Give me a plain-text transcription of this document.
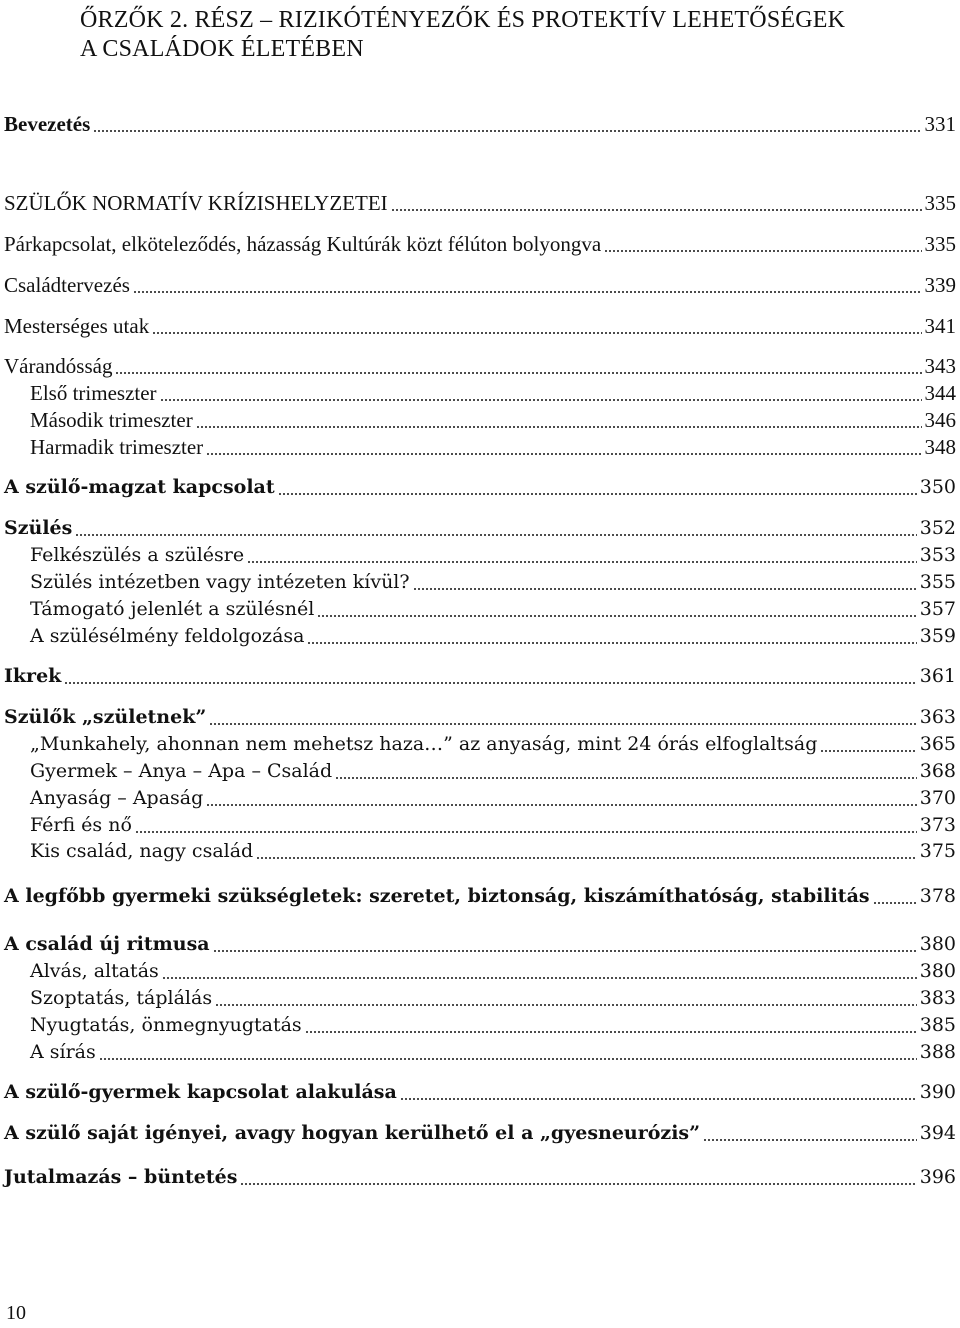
ŐRZŐK 2. RÉSZ – RIZIKÓTÉNYEZŐK ÉS PROTEKTÍV LEHETŐSÉGEK
A CSALÁDOK ÉLETÉBEN
Bevezetés	331
SZÜLŐK NORMATÍV KRÍZISHELYZETEI	335
Párkapcsolat, elköteleződés, házasság Kultúrák közt félúton bolyongva	335
Családtervezés	339
Mesterséges utak	341
Várandósság	343
Első trimeszter	344
Második trimeszter	346
Harmadik trimeszter	348
A szülő-magzat kapcsolat	350
Szülés	352
Felkészülés a szülésre	353
Szülés intézetben vagy intézeten kívül?	355
Támogató jelenlét a szülésnél	357
A szülésélmény feldolgozása	359
Ikrek	361
Szülők „születnek”	363
„Munkahely, ahonnan nem mehetsz haza…” az anyaság, mint 24 órás elfoglaltság	365
Gyermek – Anya – Apa – Család	368
Anyaság – Apaság	370
Férfi és nő	373
Kis család, nagy család	375
A legfőbb gyermeki szükségletek: szeretet, biztonság, kiszámíthatóság, stabilitás	378
A család új ritmusa	380
Alvás, altatás	380
Szoptatás, táplálás	383
Nyugtatás, önmegnyugtatás	385
A sírás	388
A szülő-gyermek kapcsolat alakulása	390
A szülő saját igényei, avagy hogyan kerülhető el a „gyesneurózis”	394
Jutalmazás – büntetés	396
10
